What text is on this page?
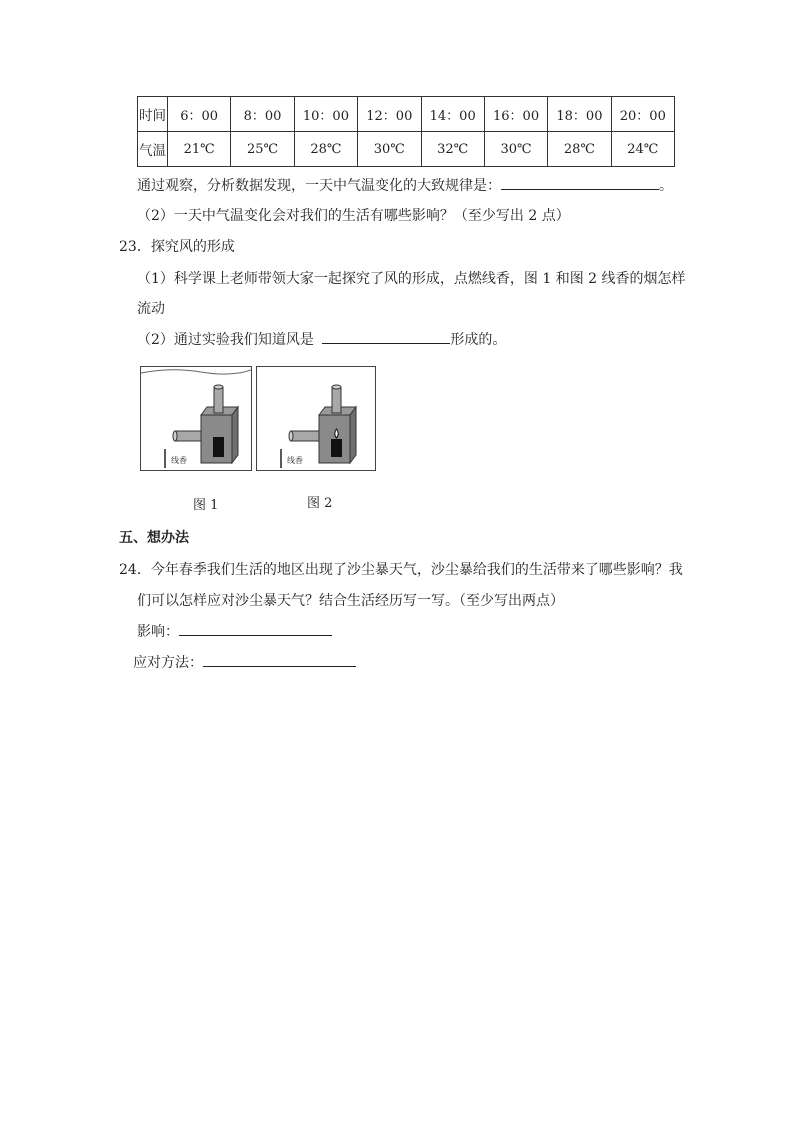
时间	6：00	8：00	10：00	12：00	14：00	16：00	18：00	20：00
气温	21℃	25℃	28℃	30℃	32℃	30℃	28℃	24℃
通过观察，分析数据发现，一天中气温变化的大致规律是：	。
（2）一天中气温变化会对我们的生活有哪些影响？（至少写出 2 点）
23．探究风的形成
（1）科学课上老师带领大家一起探究了风的形成，点燃线香，图 1 和图 2 线香的烟怎样
流动
（2）通过实验我们知道风是	形成的。
线香	线香
图 1	图 2
五、想办法
24．今年春季我们生活的地区出现了沙尘暴天气，沙尘暴给我们的生活带来了哪些影响？我
们可以怎样应对沙尘暴天气？结合生活经历写一写。（至少写出两点）
影响：
应对方法：
